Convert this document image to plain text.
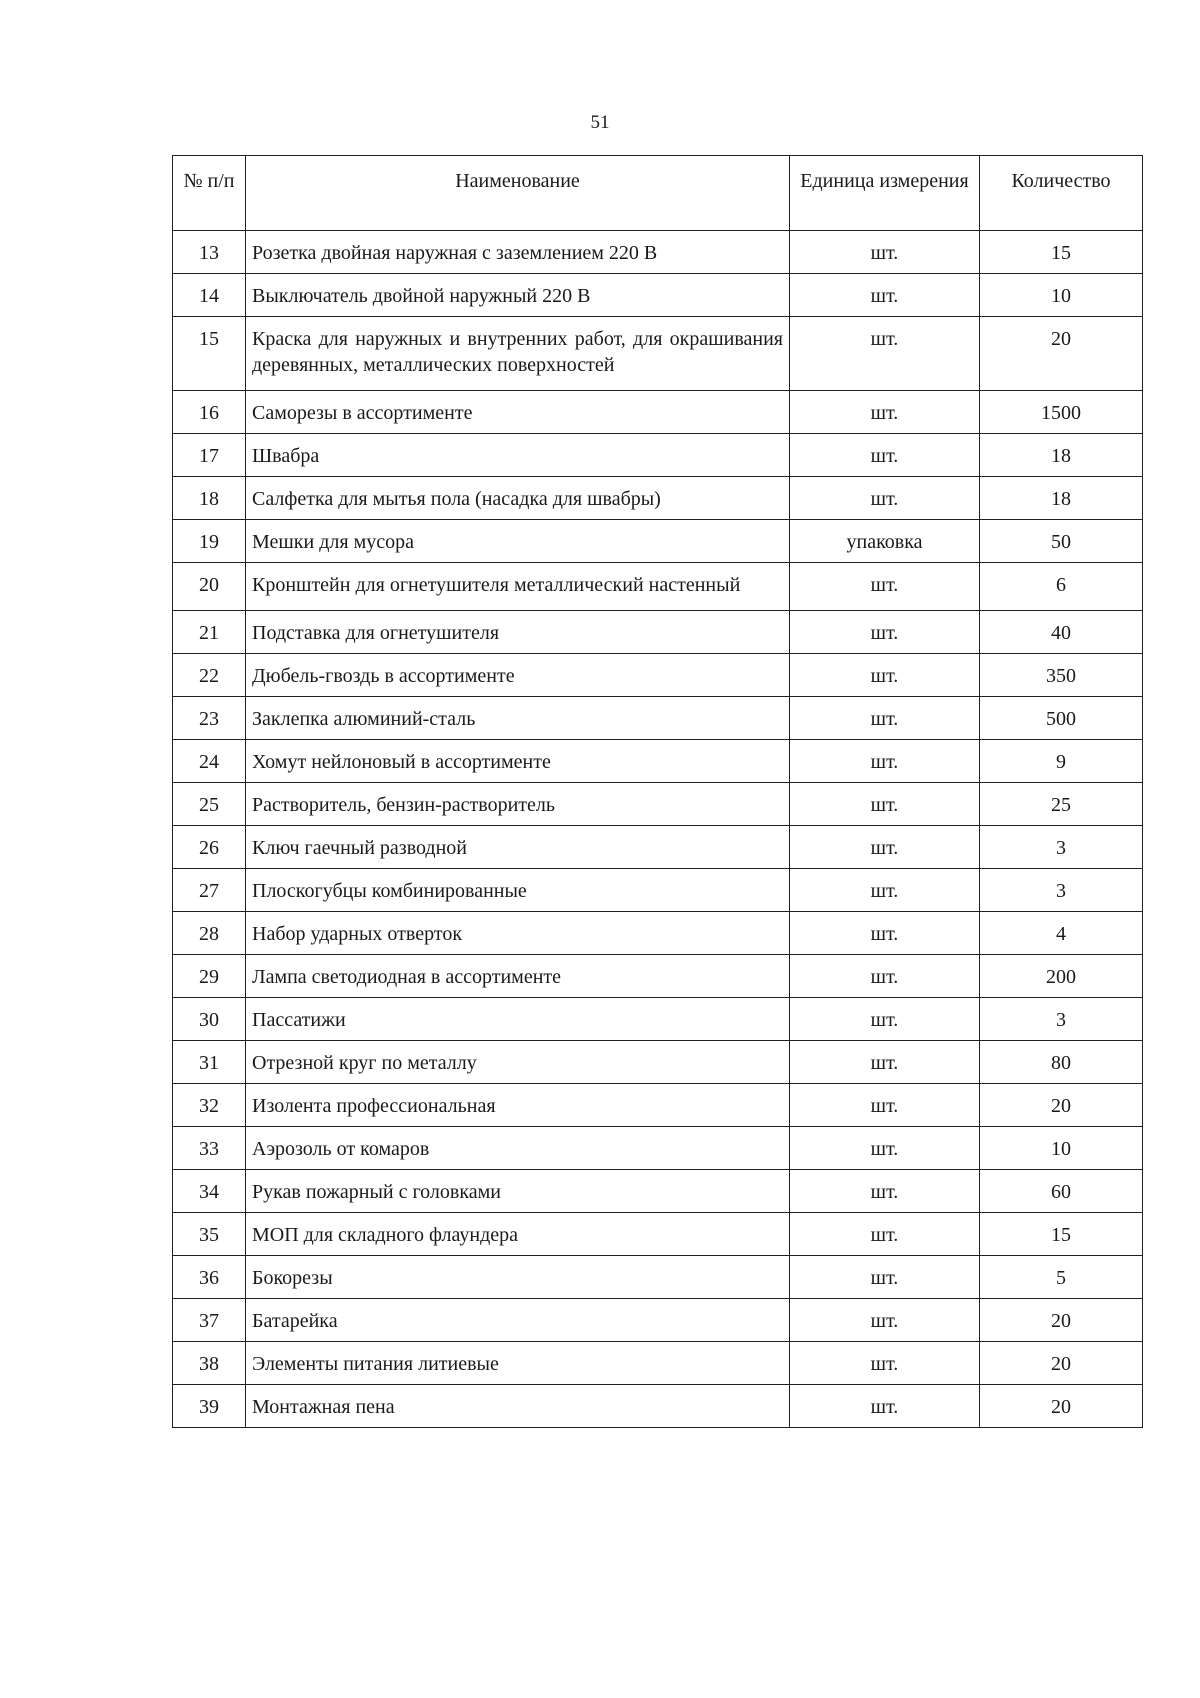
51
№ п/п	Наименование	Единица измерения	Количество
13	Розетка двойная наружная с заземлением 220 В	шт.	15
14	Выключатель двойной наружный 220 В	шт.	10
15	Краска для наружных и внутренних работ, для окрашивания деревянных, металлических поверхностей	шт.	20
16	Саморезы в ассортименте	шт.	1500
17	Швабра	шт.	18
18	Салфетка для мытья пола (насадка для швабры)	шт.	18
19	Мешки для мусора	упаковка	50
20	Кронштейн для огнетушителя металлический настенный	шт.	6
21	Подставка для огнетушителя	шт.	40
22	Дюбель-гвоздь в ассортименте	шт.	350
23	Заклепка алюминий-сталь	шт.	500
24	Хомут нейлоновый в ассортименте	шт.	9
25	Растворитель, бензин-растворитель	шт.	25
26	Ключ гаечный разводной	шт.	3
27	Плоскогубцы комбинированные	шт.	3
28	Набор ударных отверток	шт.	4
29	Лампа светодиодная в ассортименте	шт.	200
30	Пассатижи	шт.	3
31	Отрезной круг по металлу	шт.	80
32	Изолента профессиональная	шт.	20
33	Аэрозоль от комаров	шт.	10
34	Рукав пожарный с головками	шт.	60
35	МОП для складного флаундера	шт.	15
36	Бокорезы	шт.	5
37	Батарейка	шт.	20
38	Элементы питания литиевые	шт.	20
39	Монтажная пена	шт.	20
